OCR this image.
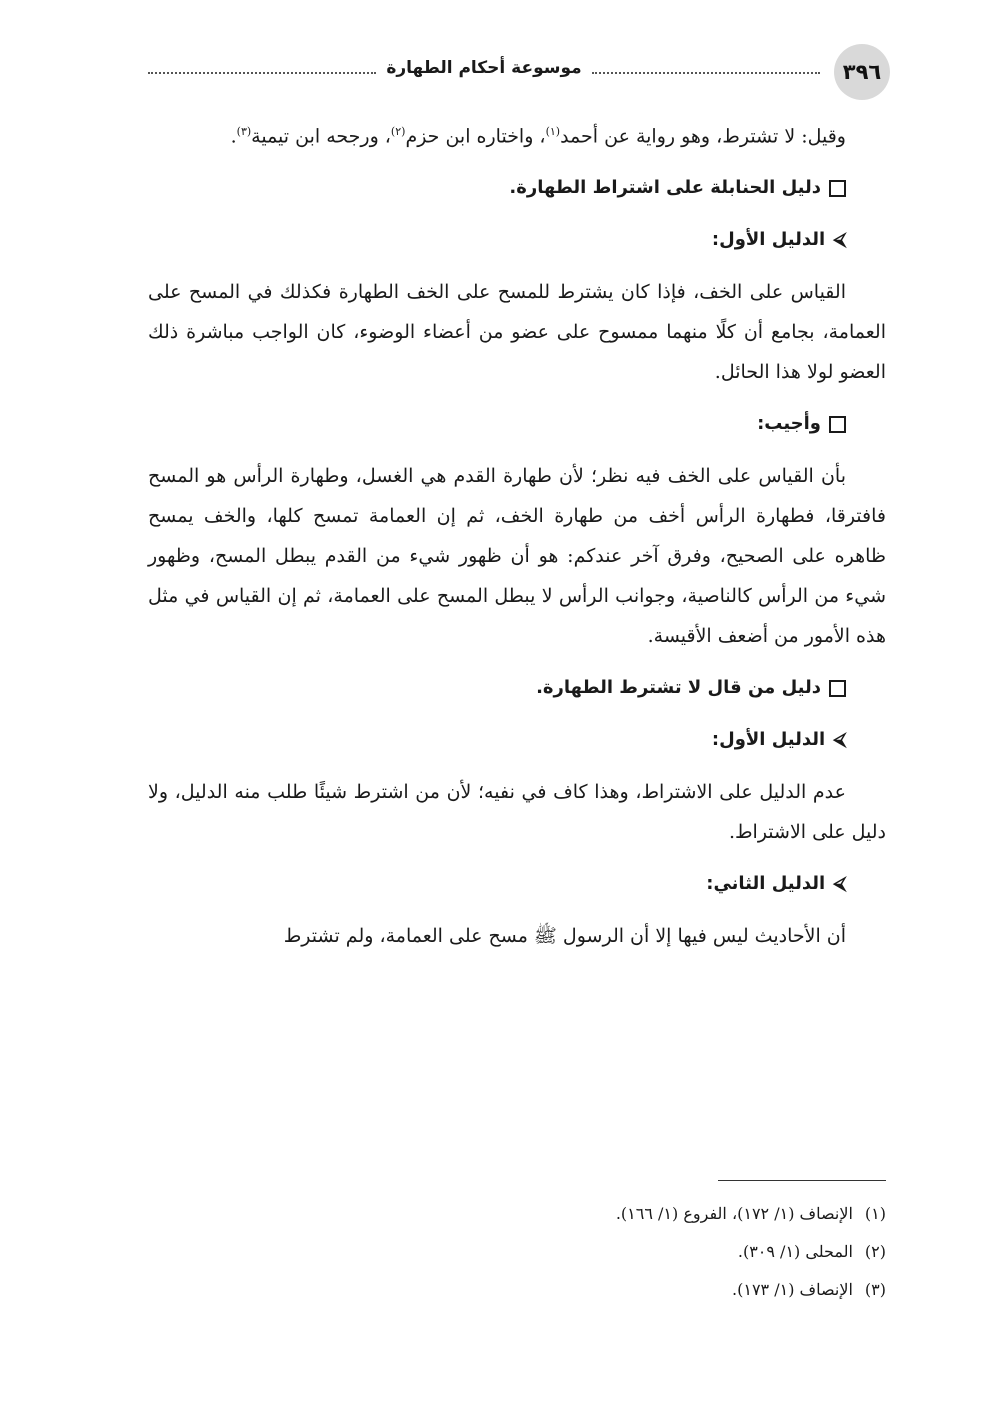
٣٩٦
موسوعة أحكام الطهارة

وقيل: لا تشترط، وهو رواية عن أحمد$^{(١)}$، واختاره ابن حزم$^{(٢)}$، ورجحه ابن تيمية$^{(٣)}$.

دليل الحنابلة على اشتراط الطهارة.
⮘
الدليل الأول:

القياس على الخف، فإذا كان يشترط للمسح على الخف الطهارة فكذلك في المسح على العمامة، بجامع أن كلًا منهما ممسوح على عضو من أعضاء الوضوء، كان الواجب مباشرة ذلك العضو لولا هذا الحائل.

وأجيب:

بأن القياس على الخف فيه نظر؛ لأن طهارة القدم هي الغسل، وطهارة الرأس هو المسح فافترقا، فطهارة الرأس أخف من طهارة الخف، ثم إن العمامة تمسح كلها، والخف يمسح ظاهره على الصحيح، وفرق آخر عندكم: هو أن ظهور شيء من القدم يبطل المسح، وظهور شيء من الرأس كالناصية، وجوانب الرأس لا يبطل المسح على العمامة، ثم إن القياس في مثل هذه الأمور من أضعف الأقيسة.

دليل من قال لا تشترط الطهارة.
⮘
الدليل الأول:

عدم الدليل على الاشتراط، وهذا كاف في نفيه؛ لأن من اشترط شيئًا طلب منه الدليل، ولا دليل على الاشتراط.

⮘
الدليل الثاني:

أن الأحاديث ليس فيها إلا أن الرسول ﷺ مسح على العمامة، ولم تشترط

(١)
الإنصاف (١/ ١٧٢)، الفروع (١/ ١٦٦).
(٢)
المحلى (١/ ٣٠٩).
(٣)
الإنصاف (١/ ١٧٣).
